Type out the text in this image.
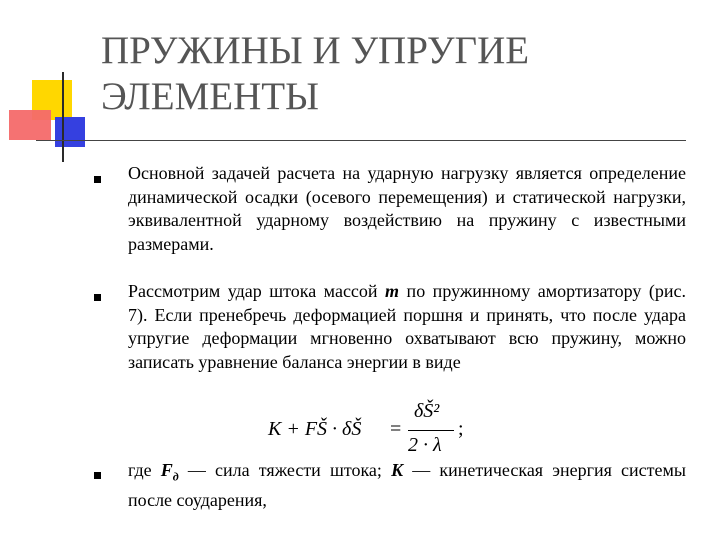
ПРУЖИНЫ И УПРУГИЕ
ЭЛЕМЕНТЫ
Основной задачей расчета на ударную нагрузку является определение динамической осадки (осевого перемещения) и статической нагрузки, эквивалентной ударному воздействию на пружину с известными размерами.
Рассмотрим удар штока массой m по пружинному амортизатору (рис. 7). Если пренебречь деформацией поршня и принять, что после удара упругие деформации мгновенно охватывают всю пружину, можно записать уравнение баланса энергии в виде
где $F_д$ — сила тяжести штока; K — кинетическая энергия системы после соударения,
K + FŠ · δŠ =
δŠ²
2 · λ
;
